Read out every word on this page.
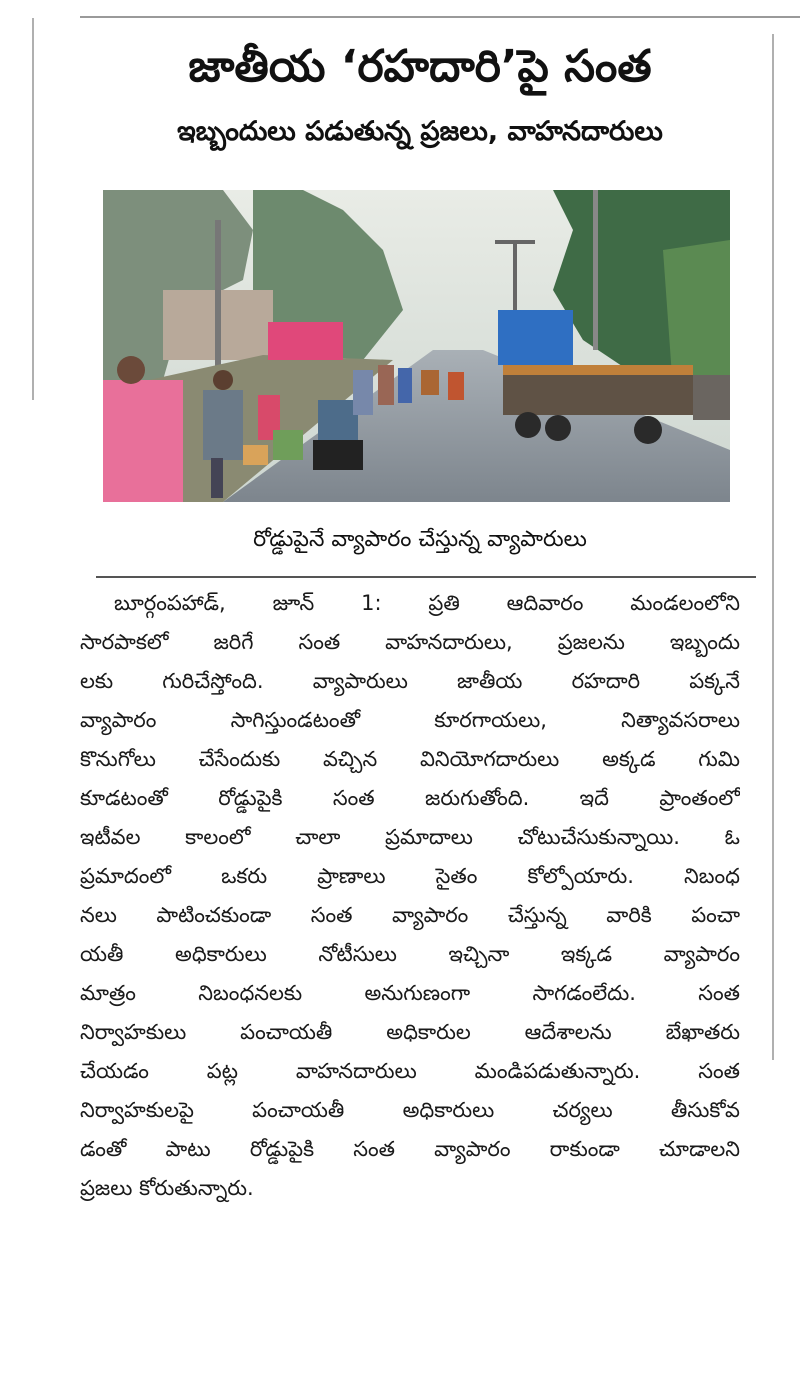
జాతీయ ‘రహదారి’పై సంత
ఇబ్బందులు పడుతున్న ప్రజలు, వాహనదారులు
రోడ్డుపైనే వ్యాపారం చేస్తున్న వ్యాపారులు
బూర్గంపహాడ్‌, జూన్‌ 1: ప్రతి ఆదివారం మండలంలోని
సారపాకలో జరిగే సంత వాహనదారులు, ప్రజలను ఇబ్బందు
లకు గురిచేస్తోంది. వ్యాపారులు జాతీయ రహదారి పక్కనే
వ్యాపారం సాగిస్తుండటంతో కూరగాయలు, నిత్యావసరాలు
కొనుగోలు చేసేందుకు వచ్చిన వినియోగదారులు అక్కడ గుమి
కూడటంతో రోడ్డుపైకి సంత జరుగుతోంది. ఇదే ప్రాంతంలో
ఇటీవల కాలంలో చాలా ప్రమాదాలు చోటుచేసుకున్నాయి. ఓ
ప్రమాదంలో ఒకరు ప్రాణాలు సైతం కోల్పోయారు. నిబంధ
నలు పాటించకుండా సంత వ్యాపారం చేస్తున్న వారికి పంచా
యతీ అధికారులు నోటీసులు ఇచ్చినా ఇక్కడ వ్యాపారం
మాత్రం నిబంధనలకు అనుగుణంగా సాగడంలేదు. సంత
నిర్వాహకులు పంచాయతీ అధికారుల ఆదేశాలను బేఖాతరు
చేయడం పట్ల వాహనదారులు మండిపడుతున్నారు. సంత
నిర్వాహకులపై పంచాయతీ అధికారులు చర్యలు తీసుకోవ
డంతో పాటు రోడ్డుపైకి సంత వ్యాపారం రాకుండా చూడాలని
ప్రజలు కోరుతున్నారు.
